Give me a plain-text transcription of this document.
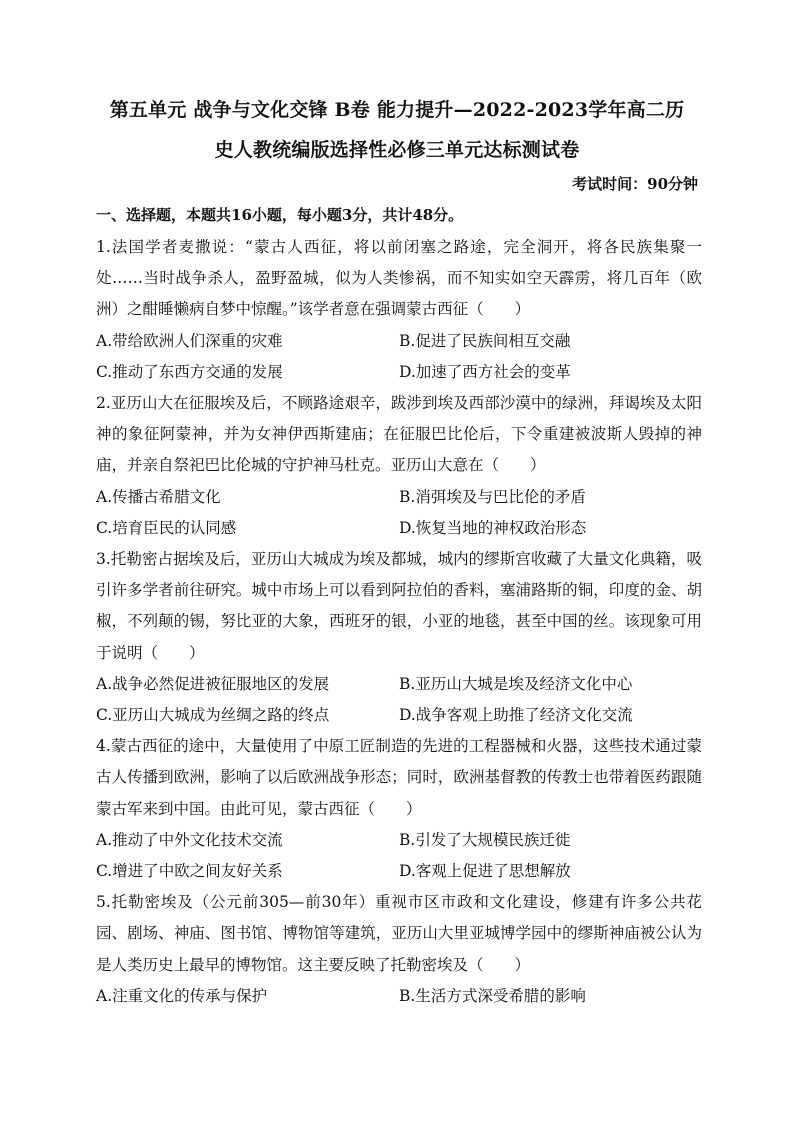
第五单元 战争与文化交锋 B卷 能力提升—2022-2023学年高二历
史人教统编版选择性必修三单元达标测试卷
考试时间：90分钟
一、选择题，本题共16小题，每小题3分，共计48分。

1.法国学者麦撒说：“蒙古人西征，将以前闭塞之路途，完全洞开，将各民族集聚一处……当时战争杀人，盈野盈城，似为人类惨祸，而不知实如空天霹雳，将几百年（欧洲）之酣睡懒病自梦中惊醒。”该学者意在强调蒙古西征（　　）

A.带给欧洲人们深重的灾难	B.促进了民族间相互交融
C.推动了东西方交通的发展	D.加速了西方社会的变革

2.亚历山大在征服埃及后，不顾路途艰辛，跋涉到埃及西部沙漠中的绿洲，拜谒埃及太阳神的象征阿蒙神，并为女神伊西斯建庙；在征服巴比伦后，下令重建被波斯人毁掉的神庙，并亲自祭祀巴比伦城的守护神马杜克。亚历山大意在（　　）

A.传播古希腊文化	B.消弭埃及与巴比伦的矛盾
C.培育臣民的认同感	D.恢复当地的神权政治形态

3.托勒密占据埃及后，亚历山大城成为埃及都城，城内的缪斯宫收藏了大量文化典籍，吸引许多学者前往研究。城中市场上可以看到阿拉伯的香料，塞浦路斯的铜，印度的金、胡椒，不列颠的锡，努比亚的大象，西班牙的银，小亚的地毯，甚至中国的丝。该现象可用于说明（　　）

A.战争必然促进被征服地区的发展	B.亚历山大城是埃及经济文化中心
C.亚历山大城成为丝绸之路的终点	D.战争客观上助推了经济文化交流

4.蒙古西征的途中，大量使用了中原工匠制造的先进的工程器械和火器，这些技术通过蒙古人传播到欧洲，影响了以后欧洲战争形态；同时，欧洲基督教的传教士也带着医药跟随蒙古军来到中国。由此可见，蒙古西征（　　）

A.推动了中外文化技术交流	B.引发了大规模民族迁徙
C.增进了中欧之间友好关系	D.客观上促进了思想解放

5.托勒密埃及（公元前305—前30年）重视市区市政和文化建设，修建有许多公共花园、剧场、神庙、图书馆、博物馆等建筑，亚历山大里亚城博学园中的缪斯神庙被公认为是人类历史上最早的博物馆。这主要反映了托勒密埃及（　　）

A.注重文化的传承与保护	B.生活方式深受希腊的影响
